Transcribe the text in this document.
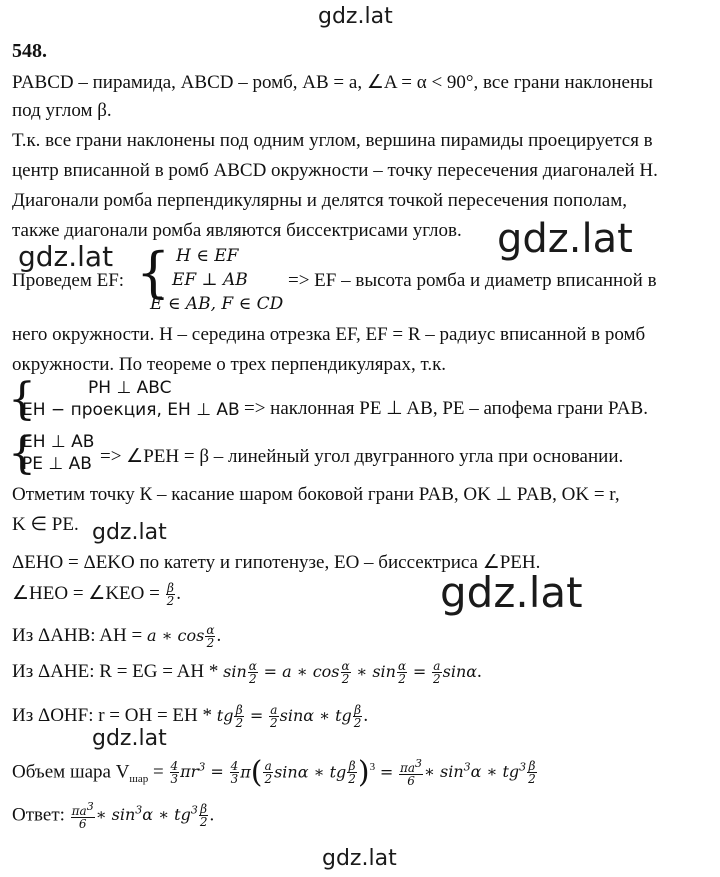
gdz.lat
gdz.lat
gdz.lat
gdz.lat
gdz.lat
gdz.lat
gdz.lat
548.
PABCD – пирамида, ABCD – ромб, AB = a, ∠A = α < 90°, все грани наклонены
под углом β.
Т.к. все грани наклонены под одним углом, вершина пирамиды проецируется в
центр вписанной в ромб ABCD окружности – точку пересечения диагоналей H.
Диагонали ромба перпендикулярны и делятся точкой пересечения пополам,
также диагонали ромба являются биссектрисами углов.
Проведем EF: { H ∈ EF
EF ⊥ AB
E ∈ AB, F ∈ CD
=> EF – высота ромба и диаметр вписанной в
него окружности. H – середина отрезка EF, EF = R – радиус вписанной в ромб
окружности. По теореме о трех перпендикулярах, т.к.
{	PH ⊥ ABC
EH − проекция, EH ⊥ AB => наклонная PE ⊥ AB, PE – апофема грани PAB.
{
EH ⊥ AB
PE ⊥ AB => ∠PEH = β – линейный угол двугранного угла при основании.
Отметим точку К – касание шаром боковой грани PAB, OK ⊥ PAB, OK = r,
K ∈ PE.
ΔEHO = ΔEKO по катету и гипотенузе, EO – биссектриса ∠PEH.
∠HEO = ∠KEO = $\frac{\beta}{2}$ .
Из ΔAHB: AH = a ∗ $\cos \frac{\alpha}{2}$ .
Из ΔAHE: R = EG = AH * $\sin \frac{\alpha}{2} = a$ ∗ $\cos \frac{\alpha}{2}$ ∗ $\sin \frac{\alpha}{2} = \frac{a}{2} \sin\alpha$.
Из ΔOHF: r = OH = EH * tg $\frac{\beta}{2} = \frac{a}{2}$ sinα ∗ tg $\frac{\beta}{2}$ .
Объем шара $V_{шар} = \frac{4}{3} \pi r^3 = \frac{4}{3} \pi( \frac{a}{2}$ sinα ∗ tg $\frac{\beta}{2} )^3 = \frac{\pi a^3}{6}$ ∗ $\sin^3\alpha$ ∗ $tg^3 \frac{\beta}{2}$
Ответ: $\frac{\pi a^3}{6}$ ∗ $\sin^3\alpha$ ∗ $tg^3 \frac{\beta}{2}$ .
